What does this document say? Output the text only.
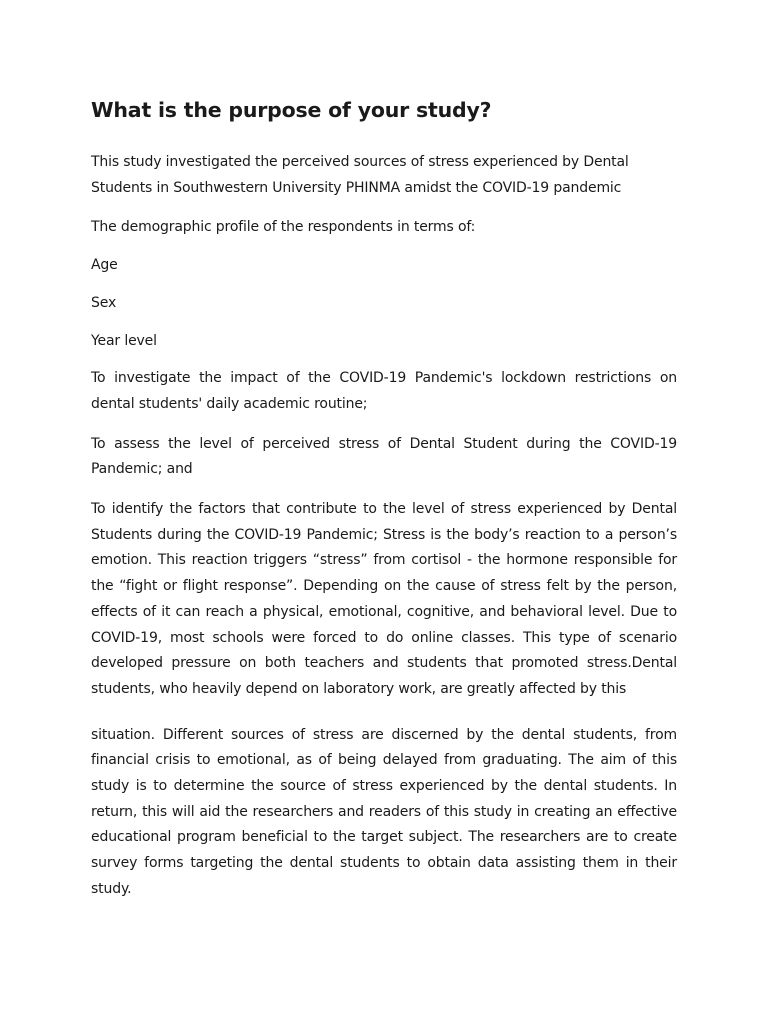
What is the purpose of your study?

This study investigated the perceived sources of stress experienced by Dental Students in Southwestern University PHINMA amidst the COVID-19 pandemic

The demographic profile of the respondents in terms of:

Age

Sex

Year level

To investigate the impact of the COVID-19 Pandemic's lockdown restrictions on dental students' daily academic routine;

To assess the level of perceived stress of Dental Student during the COVID-19 Pandemic; and

To identify the factors that contribute to the level of stress experienced by Dental Students during the COVID-19 Pandemic; Stress is the body’s reaction to a person’s emotion. This reaction triggers “stress” from cortisol - the hormone responsible for the “fight or flight response”. Depending on the cause of stress felt by the person, effects of it can reach a physical, emotional, cognitive, and behavioral level. Due to COVID-19, most schools were forced to do online classes. This type of scenario developed pressure on both teachers and students that promoted stress.Dental students, who heavily depend on laboratory work, are greatly affected by this

situation. Different sources of stress are discerned by the dental students, from financial crisis to emotional, as of being delayed from graduating. The aim of this study is to determine the source of stress experienced by the dental students. In return, this will aid the researchers and readers of this study in creating an effective educational program beneficial to the target subject. The researchers are to create survey forms targeting the dental students to obtain data assisting them in their study.
